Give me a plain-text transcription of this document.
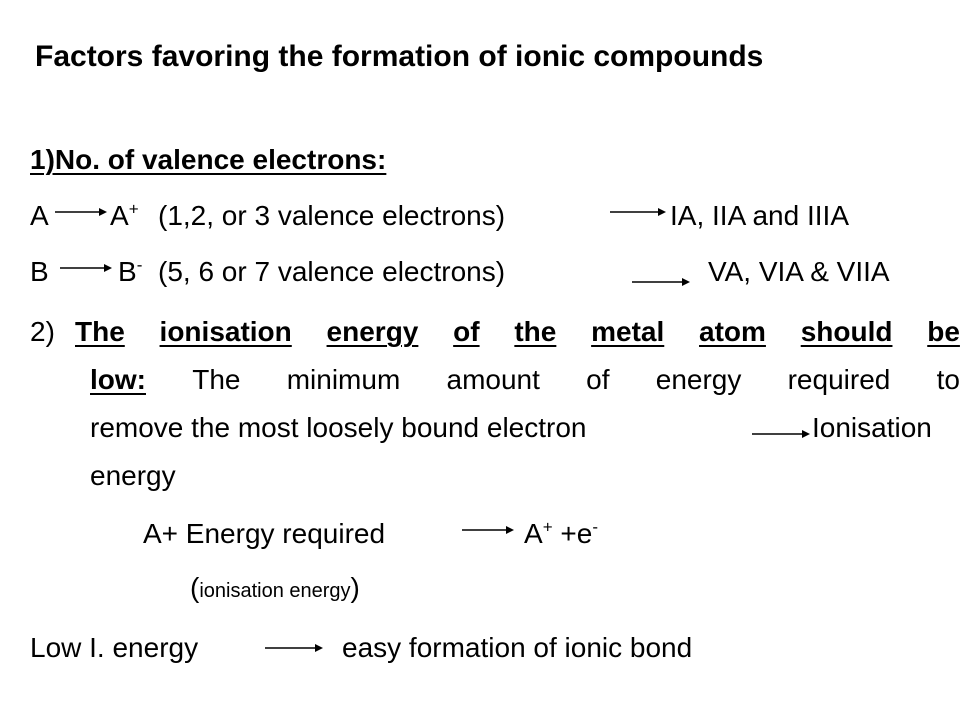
Factors favoring the formation of ionic compounds
1)No. of valence electrons:
A A+ (1,2, or 3 valence electrons)	IA, IIA and IIIA
B B- (5, 6 or 7 valence electrons)	VA, VIA & VIIA
2) The ionisation energy of the metal atom should be
low: The minimum amount of energy required to
remove the most loosely bound electron	Ionisation
energy
A+ Energy required	A+ +e-
(ionisation energy)
Low I. energy	easy formation of ionic bond
